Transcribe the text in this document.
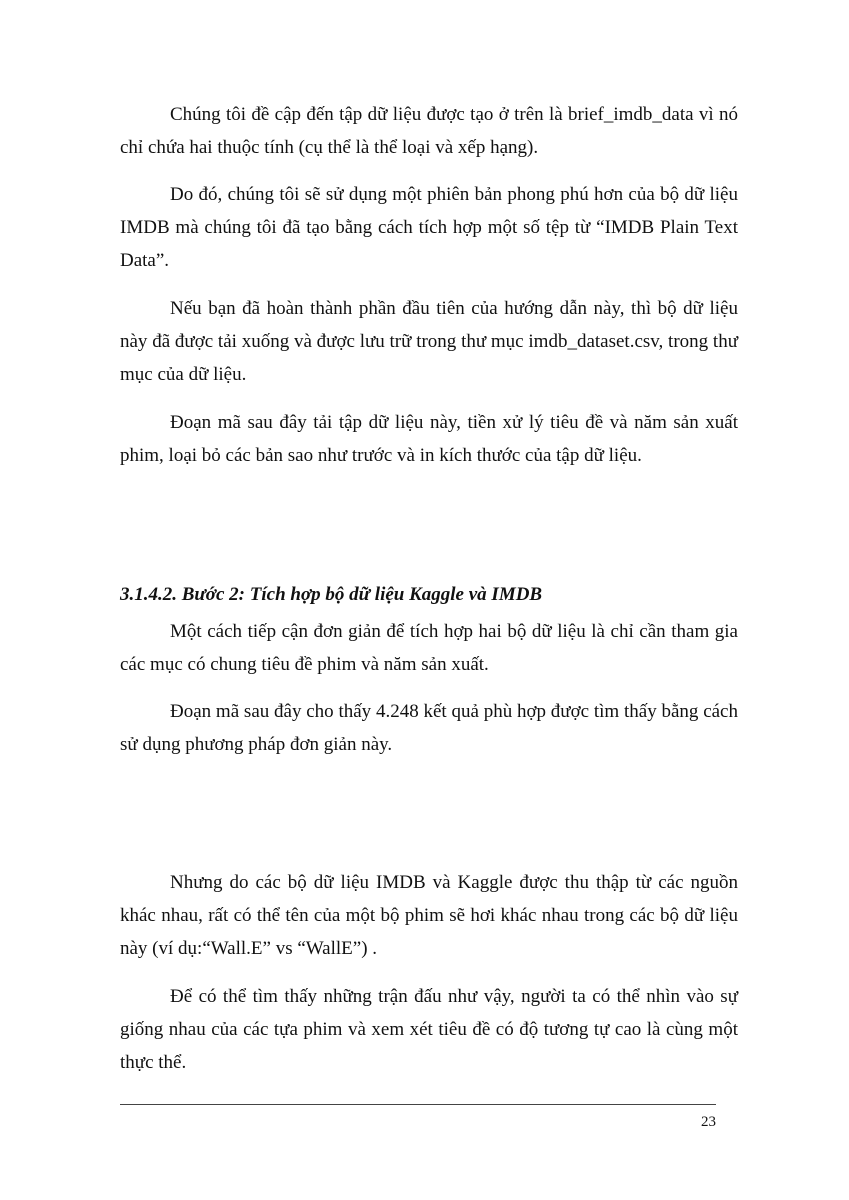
Chúng tôi đề cập đến tập dữ liệu được tạo ở trên là brief_imdb_data vì nó chỉ chứa hai thuộc tính (cụ thể là thể loại và xếp hạng).

Do đó, chúng tôi sẽ sử dụng một phiên bản phong phú hơn của bộ dữ liệu IMDB mà chúng tôi đã tạo bằng cách tích hợp một số tệp từ “IMDB Plain Text Data”.

Nếu bạn đã hoàn thành phần đầu tiên của hướng dẫn này, thì bộ dữ liệu này đã được tải xuống và được lưu trữ trong thư mục imdb_dataset.csv, trong thư mục của dữ liệu.

Đoạn mã sau đây tải tập dữ liệu này, tiền xử lý tiêu đề và năm sản xuất phim, loại bỏ các bản sao như trước và in kích thước của tập dữ liệu.

3.1.4.2. Bước 2: Tích hợp bộ dữ liệu Kaggle và IMDB

Một cách tiếp cận đơn giản để tích hợp hai bộ dữ liệu là chỉ cần tham gia các mục có chung tiêu đề phim và năm sản xuất.

Đoạn mã sau đây cho thấy 4.248 kết quả phù hợp được tìm thấy bằng cách sử dụng phương pháp đơn giản này.

Nhưng do các bộ dữ liệu IMDB và Kaggle được thu thập từ các nguồn khác nhau, rất có thể tên của một bộ phim sẽ hơi khác nhau trong các bộ dữ liệu này (ví dụ:“Wall.E” vs “WallE”) .

Để có thể tìm thấy những trận đấu như vậy, người ta có thể nhìn vào sự giống nhau của các tựa phim và xem xét tiêu đề có độ tương tự cao là cùng một thực thể.

23
